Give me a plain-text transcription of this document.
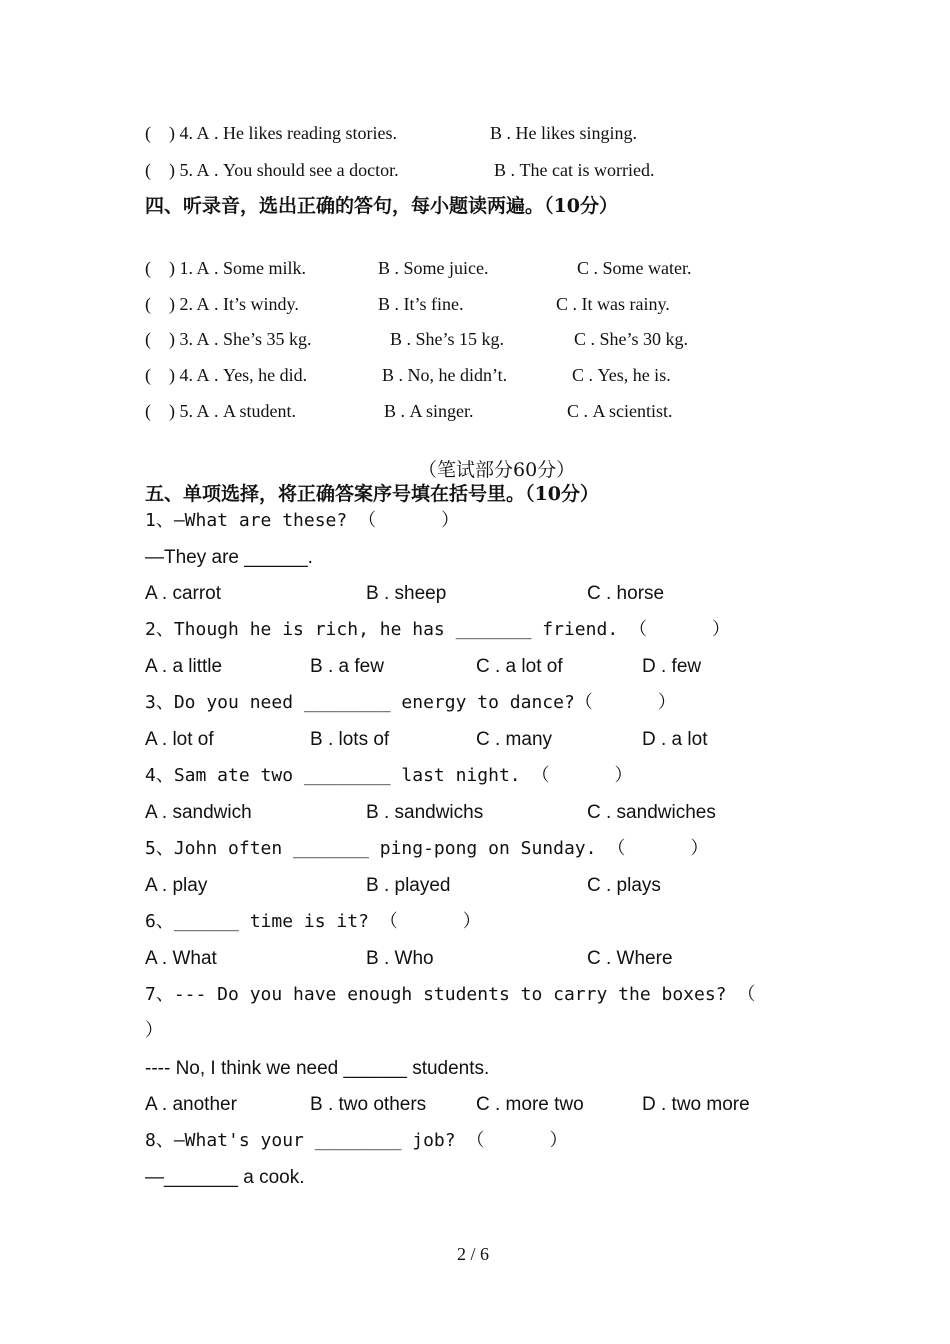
(    ) 4. A . He likes reading stories.	B . He likes singing.
(    ) 5. A . You should see a doctor.	B . The cat is worried.
四、听录音，选出正确的答句，每小题读两遍。（10分）
(    ) 1. A . Some milk.	B . Some juice.	C . Some water.
(    ) 2. A . It’s windy.	B . It’s fine.	C . It was rainy.
(    ) 3. A . She’s 35 kg.	B . She’s 15 kg.	C . She’s 30 kg.
(    ) 4. A . Yes, he did.	B . No, he didn’t.	C . Yes, he is.
(    ) 5. A . A student.	B . A singer.	C . A scientist.
（笔试部分60分）
五、单项选择，将正确答案序号填在括号里。（10分）
1、—What are these? （      ）
—They are ______.
A . carrot	B . sheep	C . horse
2、Though he is rich, he has _______ friend. （      ）
A . a little	B . a few	C . a lot of	D . few
3、Do you need ________ energy to dance?（      ）
A . lot of	B . lots of	C . many	D . a lot
4、Sam ate two ________ last night. （      ）
A . sandwich	B . sandwichs	C . sandwiches
5、John often _______ ping-pong on Sunday. （      ）
A . play	B . played	C . plays
6、______ time is it? （      ）
A . What	B . Who	C . Where
7、--- Do you have enough students to carry the boxes? （
）
---- No, I think we need ______ students.
A . another	B . two others	C . more two	D . two more
8、—What's your ________ job? （      ）
—_______ a cook.
2 / 6
